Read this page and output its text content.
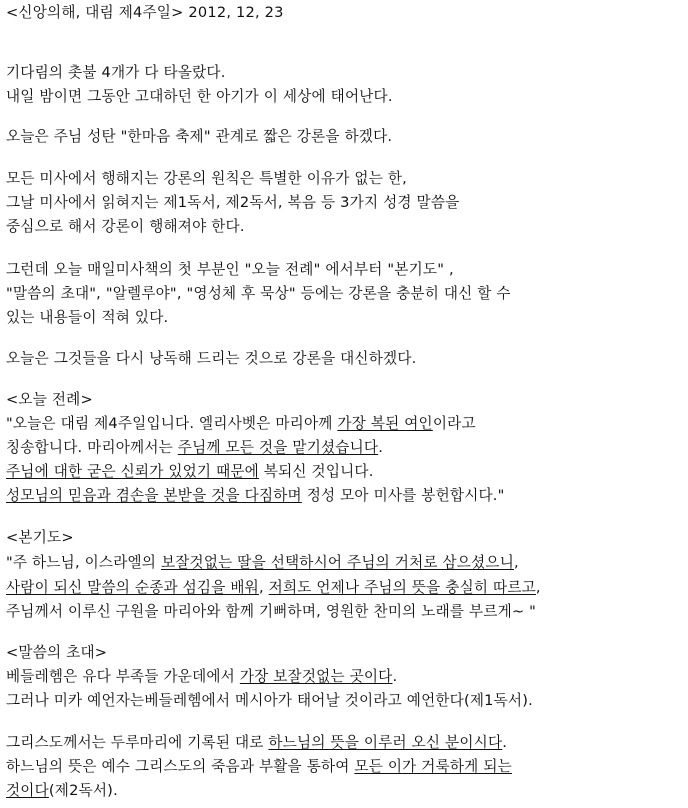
<신앙의해, 대림 제4주일> 2012, 12, 23

기다림의 촛불 4개가 다 타올랐다.

내일 밤이면 그동안 고대하던 한 아기가 이 세상에 태어난다.

오늘은 주님 성탄 "한마음 축제" 관계로 짧은 강론을 하겠다.

모든 미사에서 행해지는 강론의 원칙은 특별한 이유가 없는 한,

그날 미사에서 읽혀지는 제1독서, 제2독서, 복음 등 3가지 성경 말씀을

중심으로 해서 강론이 행해져야 한다.

그런데 오늘 매일미사책의 첫 부분인 "오늘 전례" 에서부터 "본기도" ,

"말씀의 초대", "알렐루야", "영성체 후 묵상" 등에는 강론을 충분히 대신 할 수

있는 내용들이 적혀 있다.

오늘은 그것들을 다시 낭독해 드리는 것으로 강론을 대신하겠다.

<오늘 전례>

"오늘은 대림 제4주일입니다. 엘리사벳은 마리아께 가장 복된 여인이라고

칭송합니다. 마리아께서는 주님께 모든 것을 맡기셨습니다.

주님에 대한 굳은 신뢰가 있었기 때문에 복되신 것입니다.

성모님의 믿음과 겸손을 본받을 것을 다짐하며 정성 모아 미사를 봉헌합시다."

<본기도>

"주 하느님, 이스라엘의 보잘것없는 딸을 선택하시어 주님의 거처로 삼으셨으니,

사람이 되신 말씀의 순종과 섬김을 배워, 저희도 언제나 주님의 뜻을 충실히 따르고,

주님께서 이루신 구원을 마리아와 함께 기뻐하며, 영원한 찬미의 노래를 부르게~ "

<말씀의 초대>

베들레헴은 유다 부족들 가운데에서 가장 보잘것없는 곳이다.

그러나 미카 예언자는베들레헴에서 메시아가 태어날 것이라고 예언한다(제1독서).

그리스도께서는 두루마리에 기록된 대로 하느님의 뜻을 이루러 오신 분이시다.

하느님의 뜻은 예수 그리스도의 죽음과 부활을 통하여 모든 이가 거룩하게 되는

것이다(제2독서).
